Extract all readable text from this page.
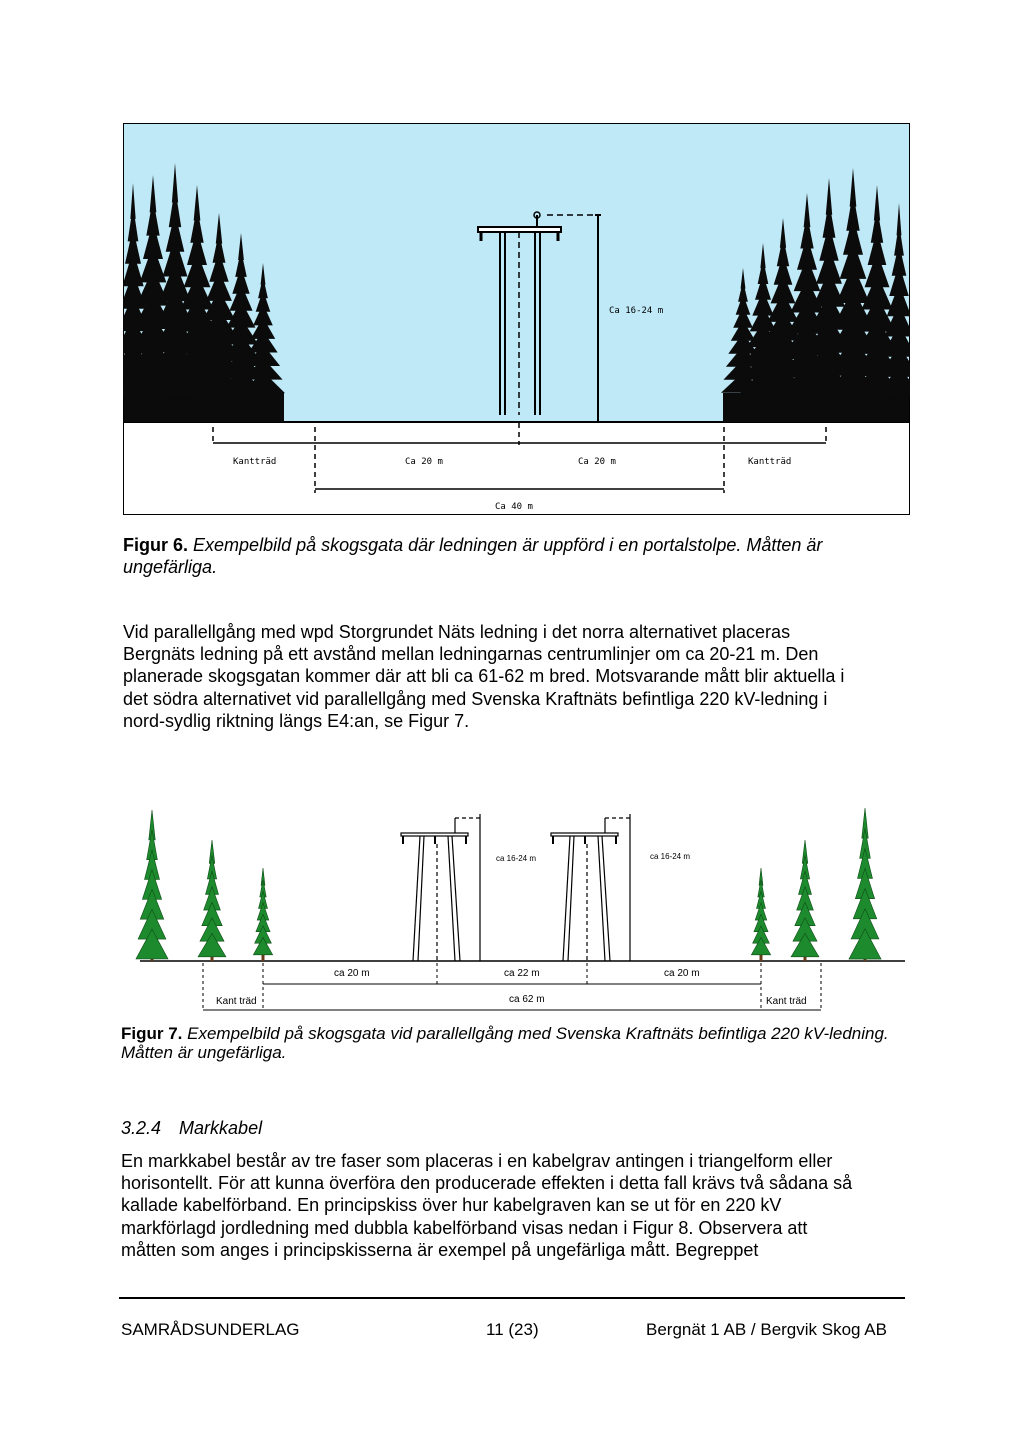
Ca 16-24 m
Kantträd	Ca 20 m	Ca 20 m	Kantträd
Ca 40 m
Figur 6. Exempelbild på skogsgata där ledningen är uppförd i en portalstolpe. Måtten är ungefärliga.
Vid parallellgång med wpd Storgrundet Näts ledning i det norra alternativet placeras
Bergnäts ledning på ett avstånd mellan ledningarnas centrumlinjer om ca 20-21 m. Den
planerade skogsgatan kommer där att bli ca 61-62 m bred. Motsvarande mått blir aktuella i
det södra alternativet vid parallellgång med Svenska Kraftnäts befintliga 220 kV-ledning i
nord-sydlig riktning längs E4:an, se Figur 7.
ca 16-24 m	ca 16-24 m
ca 20 m	ca 22 m	ca 20 m
ca 62 m
Kant träd	Kant träd
Figur 7. Exempelbild på skogsgata vid parallellgång med Svenska Kraftnäts befintliga 220 kV-ledning.
Måtten är ungefärliga.
3.2.4 Markkabel
En markkabel består av tre faser som placeras i en kabelgrav antingen i triangelform eller
horisontellt. För att kunna överföra den producerade effekten i detta fall krävs två sådana så
kallade kabelförband. En principskiss över hur kabelgraven kan se ut för en 220 kV
markförlagd jordledning med dubbla kabelförband visas nedan i Figur 8. Observera att
måtten som anges i principskisserna är exempel på ungefärliga mått. Begreppet
SAMRÅDSUNDERLAG	11 (23)	Bergnät 1 AB / Bergvik Skog AB
